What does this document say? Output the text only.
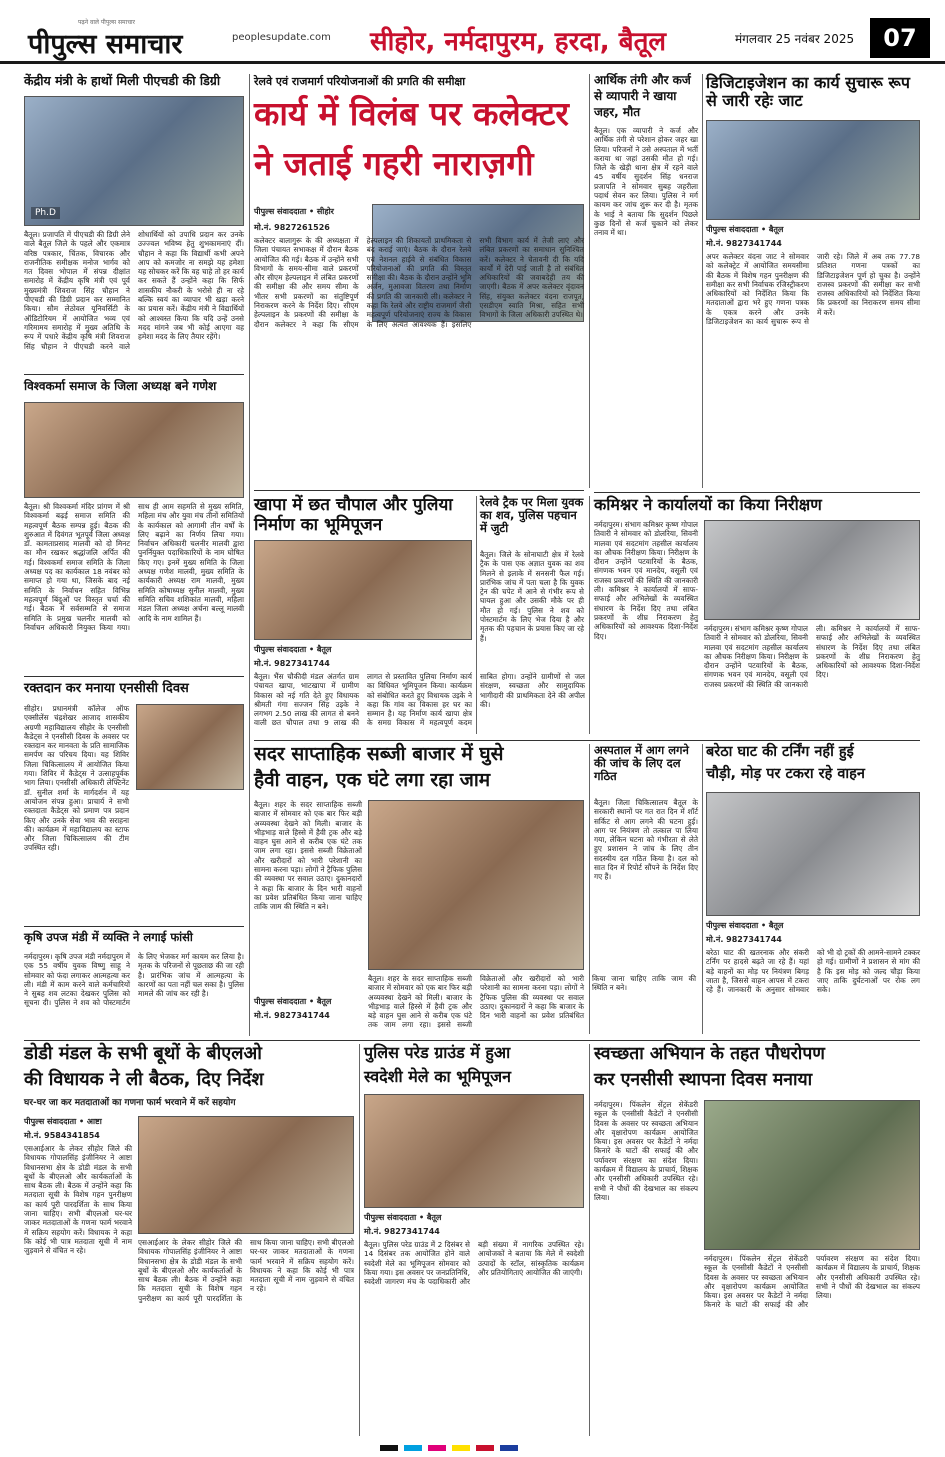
पढ़ने वाले पीपुल्स समाचार
पीपुल्स समाचार	peoplesupdate.com सीहोर, नर्मदापुरम, हरदा, बैतूल	मंगलवार 25 नवंबर 2025	07
केंद्रीय मंत्री के हाथों मिली पीएचडी की डिग्री
Ph.D
बैतूल। प्रजापति में पीएचडी की डिग्री लेने वाले बैतूल जिले के पहले और एकमात्र वरिष्ठ पत्रकार, चिंतक, विचारक और राजनीतिक समीक्षक मनोज भार्गव को गत दिवस भोपाल में संपन्न दीक्षांत समारोह में केंद्रीय कृषि मंत्री एवं पूर्व मुख्यमंत्री शिवराज सिंह चौहान ने पीएचडी की डिग्री प्रदान कर सम्मानित किया। सौम लेठोवल यूनिवर्सिटी के ऑडिटोरियम में आयोजित भव्य एवं गरिमामय समारोह में मुख्य अतिथि के रूप में पधारे केंद्रीय कृषि मंत्री शिवराज सिंह चौहान ने पीएचडी करने वाले शोधार्थियों को उपाधि प्रदान कर उनके उज्ज्वल भविष्य हेतु शुभकामनाएं दीं। चौहान ने कहा कि विद्यार्थी कभी अपने आप को कमजोर ना समझे यह हमेशा यह सोचकर करें कि वह चाहे तो हर कार्य कर सकते हैं उन्होंने कहा कि सिर्फ शासकीय नौकरी के भरोसे ही ना रहे बल्कि स्वयं का व्यापार भी खड़ा करने का प्रयास करें। केंद्रीय मंत्री ने विद्यार्थियों को आश्वस्त किया कि यदि उन्हें उनसे मदद मांगने जब भी कोई आएगा वह हमेशा मदद के लिए तैयार रहेंगे।
विश्वकर्मा समाज के जिला अध्यक्ष बने गणेश
बैतूल। श्री विश्वकर्मा मंदिर प्रांगण में श्री विश्वकर्मा बढ़ई समाज समिति की महत्वपूर्ण बैठक सम्पन्न हुई। बैठक की शुरुआत में दिवंगत भूतपूर्व जिला अध्यक्ष डॉ. कामताप्रसाद मालवी को दो मिनट का मौन रखकर श्रद्धांजलि अर्पित की गई। विश्वकर्मा समाज समिति के जिला अध्यक्ष पद का कार्यकाल 18 नवंबर को समाप्त हो गया था, जिसके बाद नई समिति के निर्वाचन सहित विभिन्न महत्वपूर्ण बिंदुओं पर विस्तृत चर्चा की गई। बैठक में सर्वसम्मति से समाज समिति के प्रमुख चलनीर मालवी को निर्वाचन अधिकारी नियुक्त किया गया। साथ ही आम सहमति से मुख्य समिति, महिला मंच और युवा मंच तीनों समितियों के कार्यकाल को आगामी तीन वर्षों के लिए बढ़ाने का निर्णय लिया गया। निर्वाचन अधिकारी चलनीर मालवी द्वारा पुनर्नियुक्त पदाधिकारियों के नाम घोषित किए गए। इनमें मुख्य समिति के जिला अध्यक्ष गणेश मालवी, मुख्य समिति के कार्यकारी अध्यक्ष राम मालवी, मुख्य समिति कोषाध्यक्ष सुनील मालवी, मुख्य समिति सचिव शशिकांत मालवी, महिला मंडल जिला अध्यक्ष अर्चना बल्लू मालवी आदि के नाम शामिल हैं।
रक्तदान कर मनाया एनसीसी दिवस
सीहोर। प्रधानमंत्री कॉलेज ऑफ एक्सीलेंस चंद्रशेखर आजाद शासकीय अग्रणी महाविद्यालय सीहोर के एनसीसी कैडेट्स ने एनसीसी दिवस के अवसर पर रक्तदान कर मानवता के प्रति सामाजिक समर्पण का परिचय दिया। यह शिविर जिला चिकित्सालय में आयोजित किया गया। शिविर में कैडेट्स ने उत्साहपूर्वक भाग लिया। एनसीसी अधिकारी लेफ्टिनेंट डॉ. सुनील शर्मा के मार्गदर्शन में यह आयोजन संपन्न हुआ। प्राचार्य ने सभी रक्तदाता कैडेट्स को प्रमाण पत्र प्रदान किए और उनके सेवा भाव की सराहना की। कार्यक्रम में महाविद्यालय का स्टाफ और जिला चिकित्सालय की टीम उपस्थित रही।
कृषि उपज मंडी में व्यक्ति ने लगाई फांसी
नर्मदापुरम। कृषि उपज मंडी नर्मदापुरम में एक 55 वर्षीय युवक विष्णु साहू ने सोमवार को फंदा लगाकर आत्महत्या कर ली। मंडी में काम करने वाले कर्मचारियों ने सुबह शव लटका देखकर पुलिस को सूचना दी। पुलिस ने शव को पोस्टमार्टम के लिए भेजकर मर्ग कायम कर लिया है। मृतक के परिजनों से पूछताछ की जा रही है। प्रारंभिक जांच में आत्महत्या के कारणों का पता नहीं चल सका है। पुलिस मामले की जांच कर रही है।
रेलवे एवं राजमार्ग परियोजनाओं की प्रगति की समीक्षा
कार्य में विलंब पर कलेक्टर
ने जताई गहरी नाराज़गी
पीपुल्स संवाददाता • सीहोर
मो.नं. 9827261526
कलेक्टर बालागुरू के की अध्यक्षता में जिला पंचायत सभाकक्ष में दौरान बैठक आयोजित की गई। बैठक में उन्होंने सभी विभागों के समय-सीमा वाले प्रकरणों और सीएम हेल्पलाइन में लंबित प्रकरणों की समीक्षा की और समय सीमा के भीतर सभी प्रकरणों का संतुष्टिपूर्ण निराकरण करने के निर्देश दिए। सीएम हेल्पलाइन के प्रकरणों की समीक्षा के दौरान कलेक्टर ने कहा कि सीएम हेल्पलाइन की शिकायतों प्राथमिकता से बंद कराई जाएं। बैठक के दौरान रेलवे एवं नेशनल हाईवे से संबंधित विकास परियोजनाओं की प्रगति की विस्तृत समीक्षा की। बैठक के दौरान उन्होंने भूमि अर्जन, मुआवजा वितरण तथा निर्माण की प्रगति की जानकारी ली। कलेक्टर ने कहा कि रेलवे और राष्ट्रीय राजमार्ग जैसी महत्वपूर्ण परियोजनाएं राज्य के विकास के लिए अत्यंत आवश्यक हैं। इसलिए सभी विभाग कार्य में तेजी लाएं और लंबित प्रकरणों का समाधान सुनिश्चित करें। कलेक्टर ने चेतावनी दी कि यदि कार्यों में देरी पाई जाती है तो संबंधित अधिकारियों की जवाबदेही तय की जाएगी। बैठक में अपर कलेक्टर वृंदावन सिंह, संयुक्त कलेक्टर वंदना राजपूत, एसडीएम स्वाति मिश्रा, सहित सभी विभागों के जिला अधिकारी उपस्थित थे।
आर्थिक तंगी और कर्ज
से व्यापारी ने खाया
जहर, मौत
बैतूल। एक व्यापारी ने कर्ज और आर्थिक तंगी से परेशान होकर जहर खा लिया। परिजनों ने उसे अस्पताल में भर्ती कराया था जहां उसकी मौत हो गई। जिले के खेड़ी थाना क्षेत्र में रहने वाले 45 वर्षीय सुदर्शन सिंह धनराज प्रजापति ने सोमवार सुबह जहरीला पदार्थ सेवन कर लिया। पुलिस ने मर्ग कायम कर जांच शुरू कर दी है। मृतक के भाई ने बताया कि सुदर्शन पिछले कुछ दिनों से कर्ज चुकाने को लेकर तनाव में था।
डिजिटाइजेशन का कार्य सुचारू रूप से जारी रहेः जाट
पीपुल्स संवाददाता • बैतूल
मो.नं. 9827341744
अपर कलेक्टर वंदना जाट ने सोमवार को कलेक्ट्रेट में आयोजित समयसीमा की बैठक में विशेष गहन पुनरीक्षण की समीक्षा कर सभी निर्वाचक रजिस्ट्रीकरण अधिकारियों को निर्देशित किया कि मतदाताओं द्वारा भरे हुए गणना पत्रक के एकत्र करने और उनके डिजिटाइजेशन का कार्य सुचारू रूप से जारी रहे। जिले में अब तक 77.78 प्रतिशत गणना पत्रकों का डिजिटाइजेशन पूर्ण हो चुका है। उन्होंने राजस्व प्रकरणों की समीक्षा कर सभी राजस्व अधिकारियों को निर्देशित किया कि प्रकरणों का निराकरण समय सीमा में करें।
खापा में छत चौपाल और पुलिया निर्माण का भूमिपूजन
पीपुल्स संवाददाता • बैतूल
मो.नं. 9827341744
बैतूल। भैंस चौकीदी मंडल अंतर्गत ग्राम पंचायत खापा, भाटखापा में ग्रामीण विकास को नई गति देते हुए विधायक श्रीमती गंगा सज्जन सिंह उइके ने लगभग 2.50 लाख की लागत से बनने वाली छत चौपाल तथा 9 लाख की लागत से प्रस्तावित पुलिया निर्माण कार्य का विधिवत भूमिपूजन किया। कार्यक्रम को संबोधित करते हुए विधायक उइके ने कहा कि गांव का विकास हर घर का सम्मान है। यह निर्माण कार्य खापा क्षेत्र के समग्र विकास में महत्वपूर्ण कदम साबित होगा। उन्होंने ग्रामीणों से जल संरक्षण, स्वच्छता और सामुदायिक भागीदारी की प्राथमिकता देने की अपील की।
रेलवे ट्रैक पर मिला युवक का शव, पुलिस पहचान में जुटी
बैतूल। जिले के सोनाघाटी क्षेत्र में रेलवे ट्रैक के पास एक अज्ञात युवक का शव मिलने से इलाके में सनसनी फैल गई। प्रारंभिक जांच में पता चला है कि युवक ट्रेन की चपेट में आने से गंभीर रूप से घायल हुआ और उसकी मौके पर ही मौत हो गई। पुलिस ने शव को पोस्टमार्टम के लिए भेज दिया है और मृतक की पहचान के प्रयास किए जा रहे हैं।
कमिश्नर ने कार्यालयों का किया निरीक्षण
नर्मदापुरम। संभाग कमिश्नर कृष्ण गोपाल तिवारी ने सोमवार को डोलरिया, सिवनी मालवा एवं सदटमांग तहसील कार्यालय का औचक निरीक्षण किया। निरीक्षण के दौरान उन्होंने पटवारियों के बैठक, संगणक भवन एवं मानदेय, वसूली एवं राजस्व प्रकरणों की स्थिति की जानकारी ली। कमिश्नर ने कार्यालयों में साफ-सफाई और अभिलेखों के व्यवस्थित संधारण के निर्देश दिए तथा लंबित प्रकरणों के शीघ्र निराकरण हेतु अधिकारियों को आवश्यक दिशा-निर्देश दिए।
नर्मदापुरम। संभाग कमिश्नर कृष्ण गोपाल तिवारी ने सोमवार को डोलरिया, सिवनी मालवा एवं सदटमांग तहसील कार्यालय का औचक निरीक्षण किया। निरीक्षण के दौरान उन्होंने पटवारियों के बैठक, संगणक भवन एवं मानदेय, वसूली एवं राजस्व प्रकरणों की स्थिति की जानकारी ली। कमिश्नर ने कार्यालयों में साफ-सफाई और अभिलेखों के व्यवस्थित संधारण के निर्देश दिए तथा लंबित प्रकरणों के शीघ्र निराकरण हेतु अधिकारियों को आवश्यक दिशा-निर्देश दिए।
सदर साप्ताहिक सब्जी बाजार में घुसे
हैवी वाहन, एक घंटे लगा रहा जाम
बैतूल। शहर के सदर साप्ताहिक सब्जी बाजार में सोमवार को एक बार फिर बड़ी अव्यवस्था देखने को मिली। बाजार के भीड़भाड़ वाले हिस्से में हैवी ट्रक और बड़े वाहन घुस आने से करीब एक घंटे तक जाम लगा रहा। इससे सब्जी विक्रेताओं और खरीदारों को भारी परेशानी का सामना करना पड़ा। लोगों ने ट्रैफिक पुलिस की व्यवस्था पर सवाल उठाए। दुकानदारों ने कहा कि बाजार के दिन भारी वाहनों का प्रवेश प्रतिबंधित किया जाना चाहिए ताकि जाम की स्थिति न बने।
पीपुल्स संवाददाता • बैतूल
मो.नं. 9827341744
बैतूल। शहर के सदर साप्ताहिक सब्जी बाजार में सोमवार को एक बार फिर बड़ी अव्यवस्था देखने को मिली। बाजार के भीड़भाड़ वाले हिस्से में हैवी ट्रक और बड़े वाहन घुस आने से करीब एक घंटे तक जाम लगा रहा। इससे सब्जी विक्रेताओं और खरीदारों को भारी परेशानी का सामना करना पड़ा। लोगों ने ट्रैफिक पुलिस की व्यवस्था पर सवाल उठाए। दुकानदारों ने कहा कि बाजार के दिन भारी वाहनों का प्रवेश प्रतिबंधित किया जाना चाहिए ताकि जाम की स्थिति न बने।
अस्पताल में आग लगने की जांच के लिए दल गठित
बैतूल। जिला चिकित्सालय बैतूल के सरकारी स्थानों पर गत रात दिन में शॉर्ट सर्किट से आग लगने की घटना हुई। आग पर नियंत्रण तो तत्काल पा लिया गया, लेकिन घटना को गंभीरता से लेते हुए प्रशासन ने जांच के लिए तीन सदस्यीय दल गठित किया है। दल को सात दिन में रिपोर्ट सौंपने के निर्देश दिए गए हैं।
बरेठा घाट की टर्निंग नहीं हुई
चौड़ी, मोड़ पर टकरा रहे वाहन
पीपुल्स संवाददाता • बैतूल
मो.नं. 9827341744
बरेठा घाट की खतरनाक और संकरी टर्निंग पर हादसे बढ़ते जा रहे हैं। यहां बड़े वाहनों का मोड़ पर नियंत्रण बिगड़ जाता है, जिससे वाहन आपस में टकरा रहे हैं। जानकारी के अनुसार सोमवार को भी दो ट्रकों की आमने-सामने टक्कर हो गई। ग्रामीणों ने प्रशासन से मांग की है कि इस मोड़ को जल्द चौड़ा किया जाए ताकि दुर्घटनाओं पर रोक लग सके।
डोडी मंडल के सभी बूथों के बीएलओ
की विधायक ने ली बैठक, दिए निर्देश
घर-घर जा कर मतदाताओं का गणना फार्म भरवाने में करें सहयोग
पीपुल्स संवाददाता • आष्टा
मो.नं. 9584341854
एसआईआर के लेकर सीहोर जिले की विधायक गोपालसिंह इंजीनियर ने आष्टा विधानसभा क्षेत्र के डोडी मंडल के सभी बूथों के बीएलओ और कार्यकर्ताओं के साथ बैठक ली। बैठक में उन्होंने कहा कि मतदाता सूची के विशेष गहन पुनरीक्षण का कार्य पूरी पारदर्शिता के साथ किया जाना चाहिए। सभी बीएलओ घर-घर जाकर मतदाताओं के गणना फार्म भरवाने में सक्रिय सहयोग करें। विधायक ने कहा कि कोई भी पात्र मतदाता सूची में नाम जुड़वाने से वंचित न रहे।
एसआईआर के लेकर सीहोर जिले की विधायक गोपालसिंह इंजीनियर ने आष्टा विधानसभा क्षेत्र के डोडी मंडल के सभी बूथों के बीएलओ और कार्यकर्ताओं के साथ बैठक ली। बैठक में उन्होंने कहा कि मतदाता सूची के विशेष गहन पुनरीक्षण का कार्य पूरी पारदर्शिता के साथ किया जाना चाहिए। सभी बीएलओ घर-घर जाकर मतदाताओं के गणना फार्म भरवाने में सक्रिय सहयोग करें। विधायक ने कहा कि कोई भी पात्र मतदाता सूची में नाम जुड़वाने से वंचित न रहे।
पुलिस परेड ग्राउंड में हुआ
स्वदेशी मेले का भूमिपूजन
पीपुल्स संवाददाता • बैतूल
मो.नं. 9827341744
बैतूल। पुलिस परेड ग्राउंड में 2 दिसंबर से 14 दिसंबर तक आयोजित होने वाले स्वदेशी मेले का भूमिपूजन सोमवार को किया गया। इस अवसर पर जनप्रतिनिधि, स्वदेशी जागरण मंच के पदाधिकारी और बड़ी संख्या में नागरिक उपस्थित रहे। आयोजकों ने बताया कि मेले में स्वदेशी उत्पादों के स्टॉल, सांस्कृतिक कार्यक्रम और प्रतियोगिताएं आयोजित की जाएंगी।
स्वच्छता अभियान के तहत पौधरोपण
कर एनसीसी स्थापना दिवस मनाया
नर्मदापुरम। पिंकलेन सेंट्रल सेकेंडरी स्कूल के एनसीसी कैडेटों ने एनसीसी दिवस के अवसर पर स्वच्छता अभियान और वृक्षारोपण कार्यक्रम आयोजित किया। इस अवसर पर कैडेटों ने नर्मदा किनारे के घाटों की सफाई की और पर्यावरण संरक्षण का संदेश दिया। कार्यक्रम में विद्यालय के प्राचार्य, शिक्षक और एनसीसी अधिकारी उपस्थित रहे। सभी ने पौधों की देखभाल का संकल्प लिया।
नर्मदापुरम। पिंकलेन सेंट्रल सेकेंडरी स्कूल के एनसीसी कैडेटों ने एनसीसी दिवस के अवसर पर स्वच्छता अभियान और वृक्षारोपण कार्यक्रम आयोजित किया। इस अवसर पर कैडेटों ने नर्मदा किनारे के घाटों की सफाई की और पर्यावरण संरक्षण का संदेश दिया। कार्यक्रम में विद्यालय के प्राचार्य, शिक्षक और एनसीसी अधिकारी उपस्थित रहे। सभी ने पौधों की देखभाल का संकल्प लिया।
